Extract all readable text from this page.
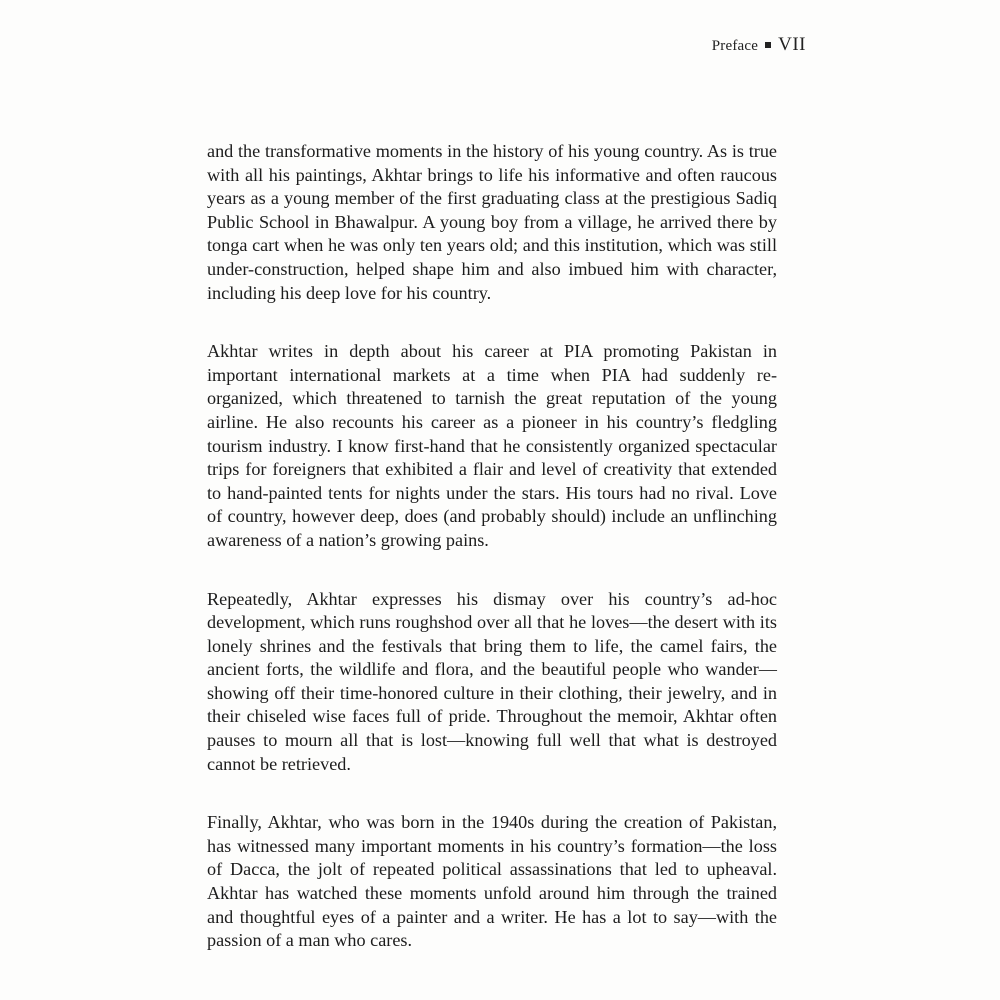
Preface VII

and the transformative moments in the history of his young country. As is true with all his paintings, Akhtar brings to life his informative and often raucous years as a young member of the first graduating class at the prestigious Sadiq Public School in Bhawalpur. A young boy from a village, he arrived there by tonga cart when he was only ten years old; and this institution, which was still under-construction, helped shape him and also imbued him with character, including his deep love for his country.

Akhtar writes in depth about his career at PIA promoting Pakistan in important international markets at a time when PIA had suddenly re-organized, which threatened to tarnish the great reputation of the young airline. He also recounts his career as a pioneer in his country’s fledgling tourism industry. I know first-hand that he consistently organized spectacular trips for foreigners that exhibited a flair and level of creativity that extended to hand-painted tents for nights under the stars. His tours had no rival. Love of country, however deep, does (and probably should) include an unflinching awareness of a nation’s growing pains.

Repeatedly, Akhtar expresses his dismay over his country’s ad-hoc development, which runs roughshod over all that he loves—the desert with its lonely shrines and the festivals that bring them to life, the camel fairs, the ancient forts, the wildlife and flora, and the beautiful people who wander—showing off their time-honored culture in their clothing, their jewelry, and in their chiseled wise faces full of pride. Throughout the memoir, Akhtar often pauses to mourn all that is lost—knowing full well that what is destroyed cannot be retrieved.

Finally, Akhtar, who was born in the 1940s during the creation of Pakistan, has witnessed many important moments in his country’s formation—the loss of Dacca, the jolt of repeated political assassinations that led to upheaval. Akhtar has watched these moments unfold around him through the trained and thoughtful eyes of a painter and a writer. He has a lot to say—with the passion of a man who cares.
